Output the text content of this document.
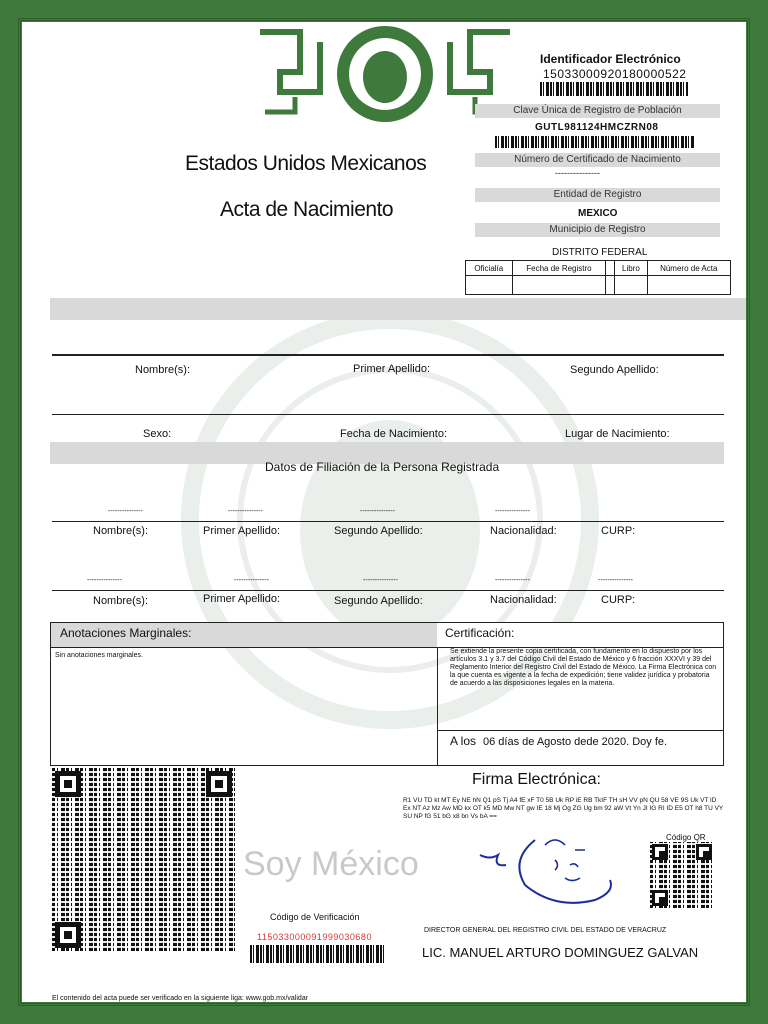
Estados Unidos Mexicanos
Acta de Nacimiento
Identificador Electrónico
15033000920180000522
Clave Única de Registro de Población
GUTL981124HMCZRN08
Número de Certificado de Nacimiento
---------------
Entidad de Registro
MEXICO
Municipio de Registro
DISTRITO FEDERAL
Oficialía	Fecha de Registro		Libro	Número de Acta

Nombre(s):	Primer Apellido:	Segundo Apellido:
Sexo:	Fecha de Nacimiento:	Lugar de Nacimiento:
Datos de Filiación de la Persona Registrada
---------------	---------------	---------------	---------------
Nombre(s):	Primer Apellido:	Segundo Apellido:	Nacionalidad:	CURP:
---------------	---------------	---------------	---------------	---------------
Nombre(s):	Primer Apellido:	Segundo Apellido:	Nacionalidad:	CURP:
Anotaciones Marginales:	Certificación:
Sin anotaciones marginales.
Se extiende la presente copia certificada, con fundamento en lo dispuesto por los artículos 3.1 y 3.7 del Código Civil del Estado de México y 6 fracción XXXVI y 39 del Reglamento Interior del Registro Civil del Estado de México. La Firma Electrónica con la que cuenta es vigente a la fecha de expedición; tiene validez jurídica y probatoria de acuerdo a las disposiciones legales en la materia.
A los 06 días de Agosto dede 2020. Doy fe.
Soy México
Código de Verificación
115033000091999030680
Firma Electrónica:
R1 VU TD kt MT Ey NE hN Q1 pS Tj A4 fE xF T0 5B Uk RP iE RB TkIF TH sH VV pN QU 58 VE 9S Uk VT lD Ex NT Az Mz Aw MD kx OT k5 MD Mw NT gw IE 18 Mj Og ZG Ug bm 92 aW Vt Yn JI IG RI ID E5 OT h8 TU VY SU NP fG 51 bG x8 bn Vs bA ==
Código QR
DIRECTOR GENERAL DEL REGISTRO CIVIL DEL ESTADO DE VERACRUZ
LIC. MANUEL ARTURO DOMINGUEZ GALVAN
El contenido del acta puede ser verificado en la siguiente liga: www.gob.mx/validar
